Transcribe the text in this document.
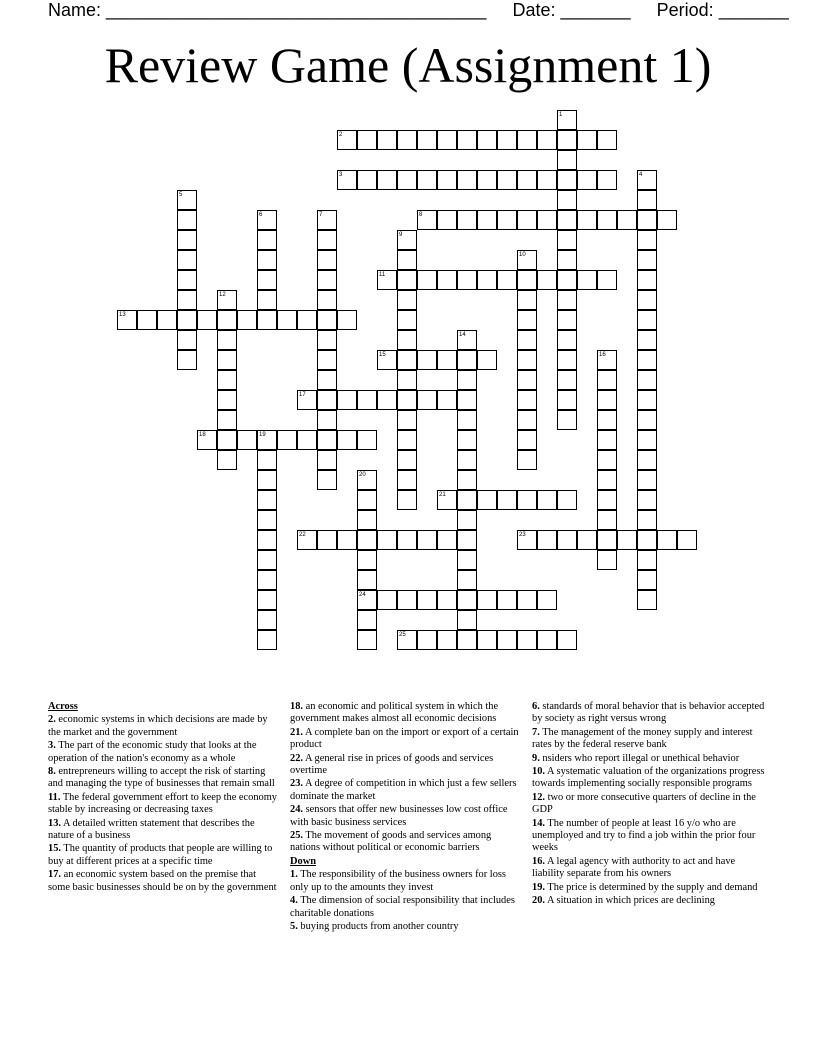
Name: ______________________________________ Date: _______ Period: _______
Review Game (Assignment 1)
1
2
3	4
5
6	7	8
9
10
11
12
13
14
15	16
17
18	19
20
21
22	23
24
25
Across
2. economic systems in which decisions are made by the market and the government
3. The part of the economic study that looks at the operation of the nation's economy as a whole
8. entrepreneurs willing to accept the risk of starting and managing the type of businesses that remain small
11. The federal government effort to keep the economy stable by increasing or decreasing taxes
13. A detailed written statement that describes the nature of a business
15. The quantity of products that people are willing to buy at different prices at a specific time
17. an economic system based on the premise that some basic businesses should be on by the government
18. an economic and political system in which the government makes almost all economic decisions
21. A complete ban on the import or export of a certain product
22. A general rise in prices of goods and services overtime
23. A degree of competition in which just a few sellers dominate the market
24. sensors that offer new businesses low cost office with basic business services
25. The movement of goods and services among nations without political or economic barriers
Down
1. The responsibility of the business owners for loss only up to the amounts they invest
4. The dimension of social responsibility that includes charitable donations
5. buying products from another country
6. standards of moral behavior that is behavior accepted by society as right versus wrong
7. The management of the money supply and interest rates by the federal reserve bank
9. nsiders who report illegal or unethical behavior
10. A systematic valuation of the organizations progress towards implementing socially responsible programs
12. two or more consecutive quarters of decline in the GDP
14. The number of people at least 16 y/o who are unemployed and try to find a job within the prior four weeks
16. A legal agency with authority to act and have liability separate from his owners
19. The price is determined by the supply and demand
20. A situation in which prices are declining
